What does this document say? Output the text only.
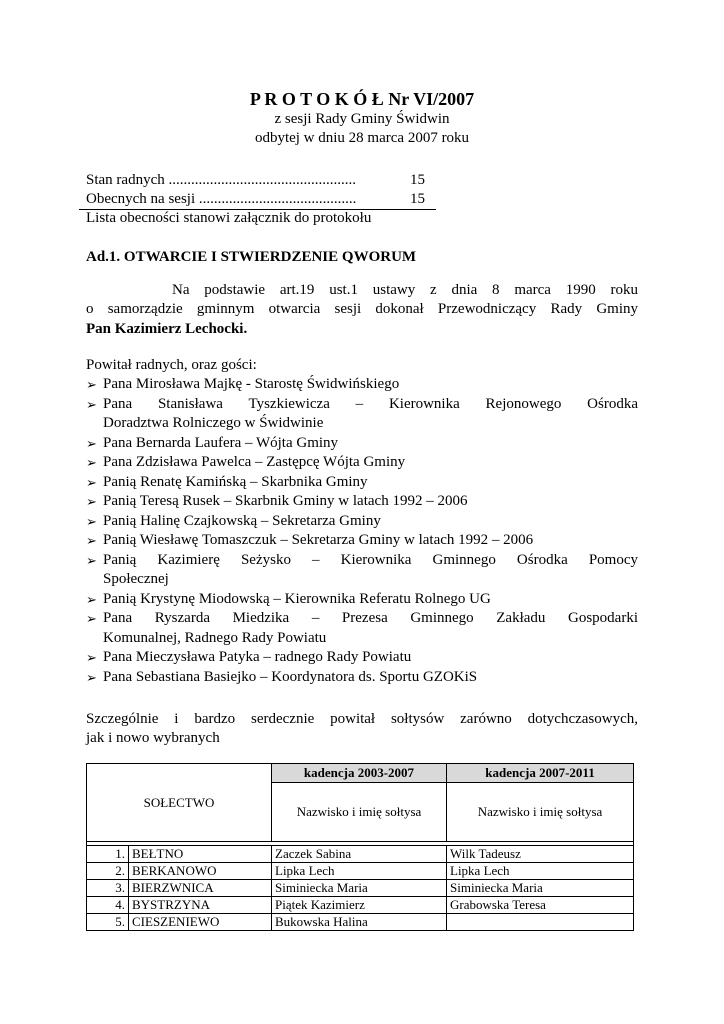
P R O T O K Ó Ł Nr VI/2007
z sesji Rady Gminy Świdwin
odbytej w dniu 28 marca 2007 roku
Stan radnych ..................................................	15
Obecnych na sesji ..........................................	15
Lista obecności stanowi załącznik do protokołu
Ad.1. OTWARCIE I STWIERDZENIE QWORUM
Na podstawie art.19 ust.1 ustawy z dnia 8 marca 1990 roku
o samorządzie gminnym otwarcia sesji dokonał Przewodniczący Rady Gminy
Pan Kazimierz Lechocki.
Powitał radnych, oraz gości:
➢ Pana Mirosława Majkę - Starostę Świdwińskiego
➢ Pana Stanisława Tyszkiewicza – Kierownika Rejonowego Ośrodka
Doradztwa Rolniczego w Świdwinie
➢ Pana Bernarda Laufera – Wójta Gminy
➢ Pana Zdzisława Pawelca – Zastępcę Wójta Gminy
➢ Panią Renatę Kamińską – Skarbnika Gminy
➢ Panią Teresą Rusek – Skarbnik Gminy w latach 1992 – 2006
➢ Panią Halinę Czajkowską – Sekretarza Gminy
➢ Panią Wiesławę Tomaszczuk – Sekretarza Gminy w latach 1992 – 2006
➢ Panią Kazimierę Seżysko – Kierownika Gminnego Ośrodka Pomocy
Społecznej
➢ Panią Krystynę Miodowską – Kierownika Referatu Rolnego UG
➢ Pana Ryszarda Miedzika – Prezesa Gminnego Zakładu Gospodarki
Komunalnej, Radnego Rady Powiatu
➢ Pana Mieczysława Patyka – radnego Rady Powiatu
➢ Pana Sebastiana Basiejko – Koordynatora ds. Sportu GZOKiS
Szczególnie i bardzo serdecznie powitał sołtysów zarówno dotychczasowych,
jak i nowo wybranych
SOŁECTWO		kadencja 2003-2007	kadencja 2007-2011
		Nazwisko i imię sołtysa	Nazwisko i imię sołtysa

1.	BEŁTNO	Zaczek Sabina	Wilk Tadeusz
2.	BERKANOWO	Lipka Lech	Lipka Lech
3.	BIERZWNICA	Siminiecka Maria	Siminiecka Maria
4.	BYSTRZYNA	Piątek Kazimierz	Grabowska Teresa
5.	CIESZENIEWO	Bukowska Halina	
